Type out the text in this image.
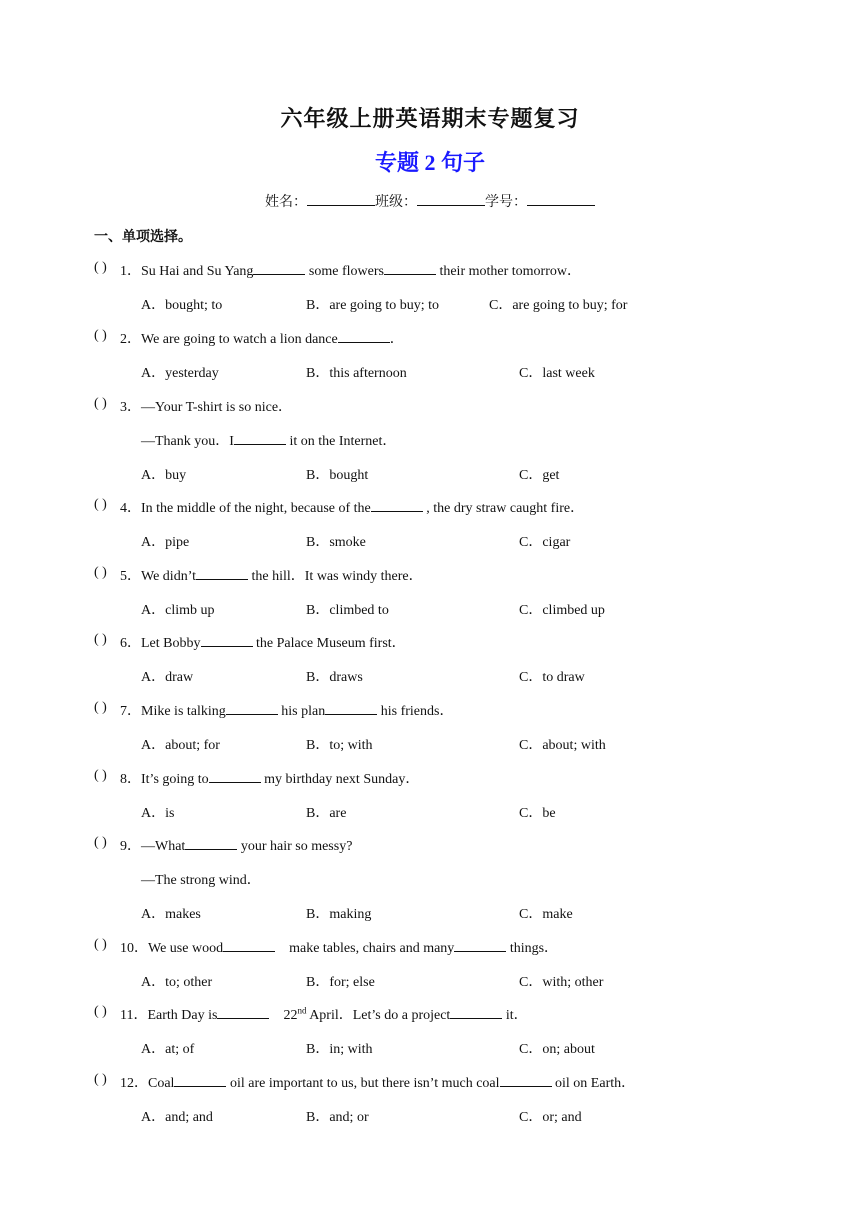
六年级上册英语期末专题复习
专题 2 句子
姓名：	班级：	学号：
一、单项选择。
( ) 1．Su Hai and Su Yang	some flowers	their mother tomorrow．
A．bought; to	B．are going to buy; to	C．are going to buy; for
( ) 2．We are going to watch a lion dance	．
A．yesterday	B．this afternoon	C．last week
( ) 3．—Your T-shirt is so nice．
—Thank you．I	it on the Internet．
A．buy	B．bought	C．get
( ) 4．In the middle of the night, because of the	, the dry straw caught fire．
A．pipe	B．smoke	C．cigar
( ) 5．We didn’t	the hill．It was windy there．
A．climb up	B．climbed to	C．climbed up
( ) 6．Let Bobby	the Palace Museum first．
A．draw	B．draws	C．to draw
( ) 7．Mike is talking	his plan	his friends．
A．about; for	B．to; with	C．about; with
( ) 8．It’s going to	my birthday next Sunday．
A．is	B．are	C．be
( ) 9．—What	your hair so messy?
—The strong wind．
A．makes	B．making	C．make
( ) 10．We use wood	make tables, chairs and many	things．
A．to; other	B．for; else	C．with; other
( ) 11．Earth Day is	22nd April．Let’s do a project	it．
A．at; of	B．in; with	C．on; about
( ) 12．Coal	oil are important to us, but there isn’t much coal	oil on Earth．
A．and; and	B．and; or	C．or; and
